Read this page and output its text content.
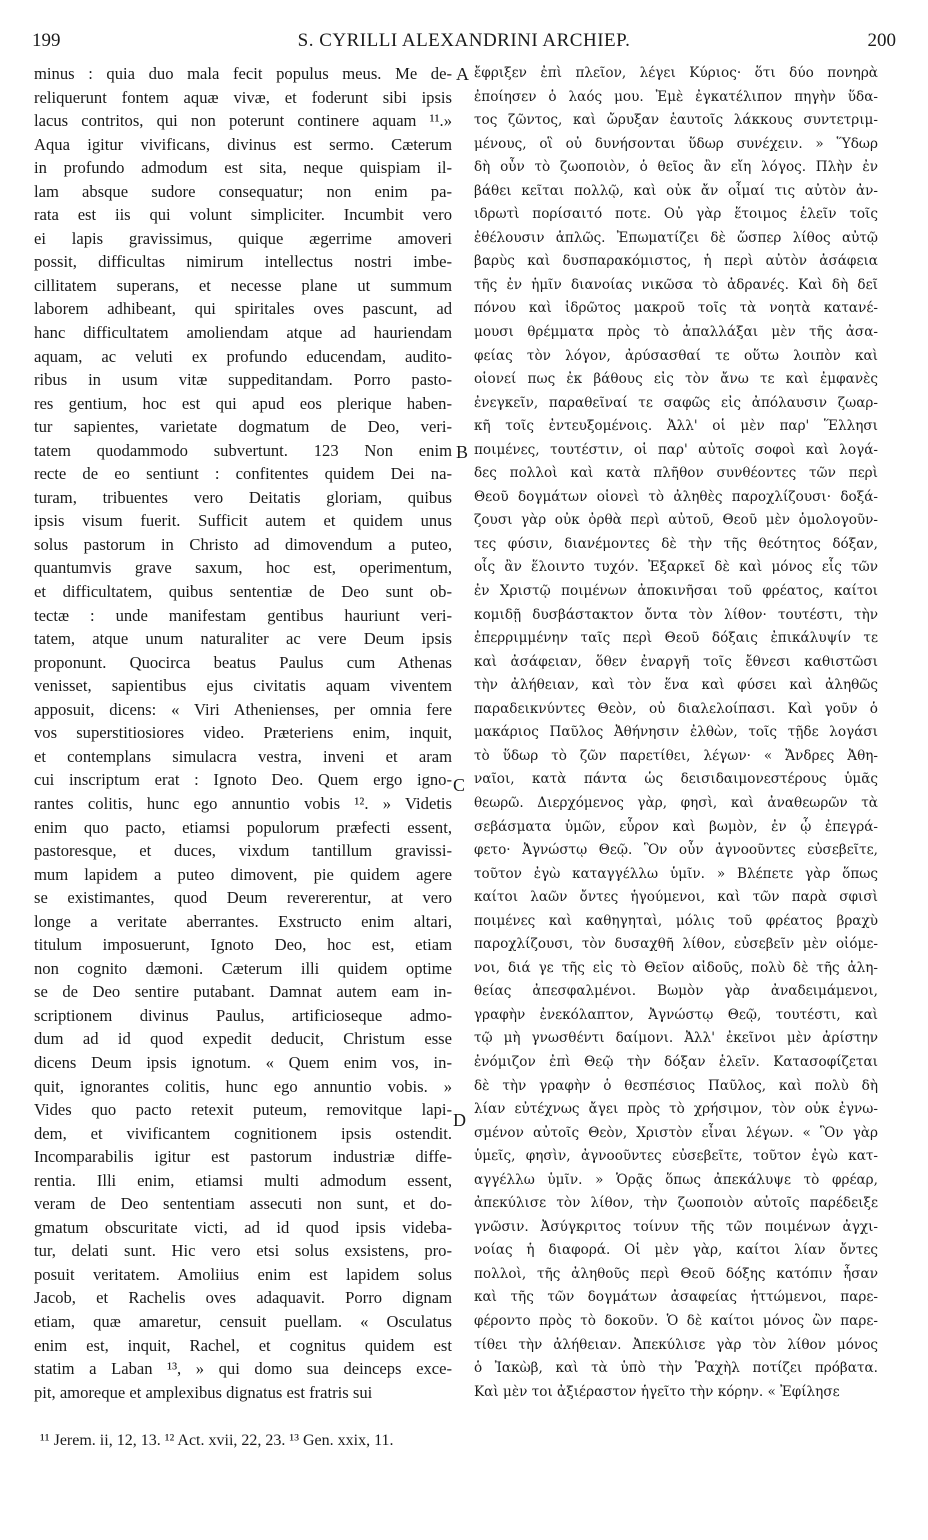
199	S. CYRILLI ALEXANDRINI ARCHIEP.	200
minus : quia duo mala fecit populus meus. Me de-
reliquerunt fontem aquæ vivæ, et foderunt sibi ipsis
lacus contritos, qui non poterunt continere aquam ¹¹.»
Aqua igitur vivificans, divinus est sermo. Cæterum
in profundo admodum est sita, neque quispiam il-
lam absque sudore consequatur; non enim pa-
rata est iis qui volunt simpliciter. Incumbit vero
ei lapis gravissimus, quique ægerrime amoveri
possit, difficultas nimirum intellectus nostri imbe-
cillitatem superans, et necesse plane ut summum
laborem adhibeant, qui spiritales oves pascunt, ad
hanc difficultatem amoliendam atque ad hauriendam
aquam, ac veluti ex profundo educendam, audito-
ribus in usum vitæ suppeditandam. Porro pasto-
res gentium, hoc est qui apud eos plerique haben-
tur sapientes, varietate dogmatum de Deo, veri-
tatem quodammodo subvertunt. 123 Non enim
recte de eo sentiunt : confitentes quidem Dei na-
turam, tribuentes vero Deitatis gloriam, quibus
ipsis visum fuerit. Sufficit autem et quidem unus
solus pastorum in Christo ad dimovendum a puteo,
quantumvis grave saxum, hoc est, operimentum,
et difficultatem, quibus sententiæ de Deo sunt ob-
tectæ : unde manifestam gentibus hauriunt veri-
tatem, atque unum naturaliter ac vere Deum ipsis
proponunt. Quocirca beatus Paulus cum Athenas
venisset, sapientibus ejus civitatis aquam viventem
apposuit, dicens: « Viri Athenienses, per omnia fere
vos superstitiosiores video. Præteriens enim, inquit,
et contemplans simulacra vestra, inveni et aram
cui inscriptum erat : Ignoto Deo. Quem ergo igno-
rantes colitis, hunc ego annuntio vobis ¹². » Videtis
enim quo pacto, etiamsi populorum præfecti essent,
pastoresque, et duces, vixdum tantillum gravissi-
mum lapidem a puteo dimovent, pie quidem agere
se existimantes, quod Deum revererentur, at vero
longe a veritate aberrantes. Exstructo enim altari,
titulum imposuerunt, Ignoto Deo, hoc est, etiam
non cognito dæmoni. Cæterum illi quidem optime
se de Deo sentire putabant. Damnat autem eam in-
scriptionem divinus Paulus, artificioseque admo-
dum ad id quod expedit deducit, Christum esse
dicens Deum ipsis ignotum. « Quem enim vos, in-
quit, ignorantes colitis, hunc ego annuntio vobis. »
Vides quo pacto retexit puteum, removitque lapi-
dem, et vivificantem cognitionem ipsis ostendit.
Incomparabilis igitur est pastorum industriæ diffe-
rentia. Illi enim, etiamsi multi admodum essent,
veram de Deo sententiam assecuti non sunt, et do-
gmatum obscuritate victi, ad id quod ipsis videba-
tur, delati sunt. Hic vero etsi solus exsistens, pro-
posuit veritatem. Amoliius enim est lapidem solus
Jacob, et Rachelis oves adaquavit. Porro dignam
etiam, quæ amaretur, censuit puellam. « Osculatus
enim est, inquit, Rachel, et cognitus quidem est
statim a Laban ¹³, » qui domo sua deinceps exce-
pit, amoreque et amplexibus dignatus est fratris sui
ἔφριξεν ἐπὶ πλεῖον, λέγει Κύριος· ὅτι δύο πονηρὰ
ἐποίησεν ὁ λαός μου. Ἐμὲ ἐγκατέλιπον πηγὴν ὕδα-
τος ζῶντος, καὶ ὤρυξαν ἑαυτοῖς λάκκους συντετριμ-
μένους, οἳ οὐ δυνήσονται ὕδωρ συνέχειν. » Ὕδωρ
δὴ οὖν τὸ ζωοποιὸν, ὁ θεῖος ἂν εἴη λόγος. Πλὴν ἐν
βάθει κεῖται πολλῷ, καὶ οὐκ ἄν οἶμαί τις αὐτὸν ἀν-
ιδρωτὶ πορίσαιτό ποτε. Οὐ γὰρ ἕτοιμος ἑλεῖν τοῖς
ἐθέλουσιν ἁπλῶς. Ἐπωματίζει δὲ ὥσπερ λίθος αὐτῷ
βαρὺς καὶ δυσπαρακόμιστος, ἡ περὶ αὐτὸν ἀσάφεια
τῆς ἐν ἡμῖν διανοίας νικῶσα τὸ ἀδρανές. Καὶ δὴ δεῖ
πόνου καὶ ἱδρῶτος μακροῦ τοῖς τὰ νοητὰ κατανέ-
μουσι θρέμματα πρὸς τὸ ἀπαλλάξαι μὲν τῆς ἀσα-
φείας τὸν λόγον, ἀρύσασθαί τε οὕτω λοιπὸν καὶ
οἱονεί πως ἐκ βάθους εἰς τὸν ἄνω τε καὶ ἐμφανὲς
ἐνεγκεῖν, παραθεῖναί τε σαφῶς εἰς ἀπόλαυσιν ζωαρ-
κῆ τοῖς ἐντευξομένοις. Ἀλλ' οἱ μὲν παρ' Ἕλλησι
ποιμένες, τουτέστιν, οἱ παρ' αὐτοῖς σοφοὶ καὶ λογά-
δες πολλοὶ καὶ κατὰ πλῆθον συνθέοντες τῶν περὶ
Θεοῦ δογμάτων οἱονεὶ τὸ ἀληθὲς παροχλίζουσι· δοξά-
ζουσι γὰρ οὐκ ὀρθὰ περὶ αὐτοῦ, Θεοῦ μὲν ὁμολογοῦν-
τες φύσιν, διανέμοντες δὲ τὴν τῆς θεότητος δόξαν,
οἷς ἂν ἕλοιντο τυχόν. Ἐξαρκεῖ δὲ καὶ μόνος εἷς τῶν
ἐν Χριστῷ ποιμένων ἀποκινῆσαι τοῦ φρέατος, καίτοι
κομιδῇ δυσβάστακτον ὄντα τὸν λίθον· τουτέστι, τὴν
ἐπερριμμένην ταῖς περὶ Θεοῦ δόξαις ἐπικάλυψίν τε
καὶ ἀσάφειαν, ὅθεν ἐναργῆ τοῖς ἔθνεσι καθιστῶσι
τὴν ἀλήθειαν, καὶ τὸν ἕνα καὶ φύσει καὶ ἀληθῶς
παραδεικνύντες Θεὸν, οὐ διαλελοίπασι. Καὶ γοῦν ὁ
μακάριος Παῦλος Ἀθήνησιν ἐλθὼν, τοῖς τῇδε λογάσι
τὸ ὕδωρ τὸ ζῶν παρετίθει, λέγων· « Ἄνδρες Ἀθη-
ναῖοι, κατὰ πάντα ὡς δεισιδαιμονεστέρους ὑμᾶς
θεωρῶ. Διερχόμενος γὰρ, φησὶ, καὶ ἀναθεωρῶν τὰ
σεβάσματα ὑμῶν, εὗρον καὶ βωμὸν, ἐν ᾧ ἐπεγρά-
φετο· Ἀγνώστῳ Θεῷ. Ὃν οὖν ἀγνοοῦντες εὐσεβεῖτε,
τοῦτον ἐγὼ καταγγέλλω ὑμῖν. » Βλέπετε γὰρ ὅπως
καίτοι λαῶν ὄντες ἡγούμενοι, καὶ τῶν παρὰ σφισὶ
ποιμένες καὶ καθηγηταὶ, μόλις τοῦ φρέατος βραχὺ
παροχλίζουσι, τὸν δυσαχθῆ λίθον, εὐσεβεῖν μὲν οἰόμε-
νοι, διά γε τῆς εἰς τὸ Θεῖον αἰδοῦς, πολὺ δὲ τῆς ἀλη-
θείας ἀπεσφαλμένοι. Βωμὸν γὰρ ἀναδειμάμενοι,
γραφὴν ἐνεκόλαπτον, Ἀγνώστῳ Θεῷ, τουτέστι, καὶ
τῷ μὴ γνωσθέντι δαίμονι. Ἀλλ' ἐκεῖνοι μὲν ἀρίστην
ἐνόμιζον ἐπὶ Θεῷ τὴν δόξαν ἑλεῖν. Κατασοφίζεται
δὲ τὴν γραφὴν ὁ θεσπέσιος Παῦλος, καὶ πολὺ δὴ
λίαν εὐτέχνως ἄγει πρὸς τὸ χρήσιμον, τὸν οὐκ ἐγνω-
σμένον αὐτοῖς Θεὸν, Χριστὸν εἶναι λέγων. « Ὃν γὰρ
ὑμεῖς, φησὶν, ἀγνοοῦντες εὐσεβεῖτε, τοῦτον ἐγὼ κατ-
αγγέλλω ὑμῖν. » Ὁρᾷς ὅπως ἀπεκάλυψε τὸ φρέαρ,
ἀπεκύλισε τὸν λίθον, τὴν ζωοποιὸν αὐτοῖς παρέδειξε
γνῶσιν. Ἀσύγκριτος τοίνυν τῆς τῶν ποιμένων ἀγχι-
νοίας ἡ διαφορά. Οἱ μὲν γὰρ, καίτοι λίαν ὄντες
πολλοὶ, τῆς ἀληθοῦς περὶ Θεοῦ δόξης κατόπιν ἦσαν
καὶ τῆς τῶν δογμάτων ἀσαφείας ἡττώμενοι, παρε-
φέροντο πρὸς τὸ δοκοῦν. Ὁ δὲ καίτοι μόνος ὢν παρε-
τίθει τὴν ἀλήθειαν. Ἀπεκύλισε γὰρ τὸν λίθον μόνος
ὁ Ἰακὼβ, καὶ τὰ ὑπὸ τὴν Ῥαχὴλ ποτίζει πρόβατα.
Καὶ μὲν τοι ἀξιέραστον ἡγεῖτο τὴν κόρην. « Ἐφίλησε
A
B
C
D
¹¹ Jerem. ii, 12, 13. ¹² Act. xvii, 22, 23. ¹³ Gen. xxix, 11.
